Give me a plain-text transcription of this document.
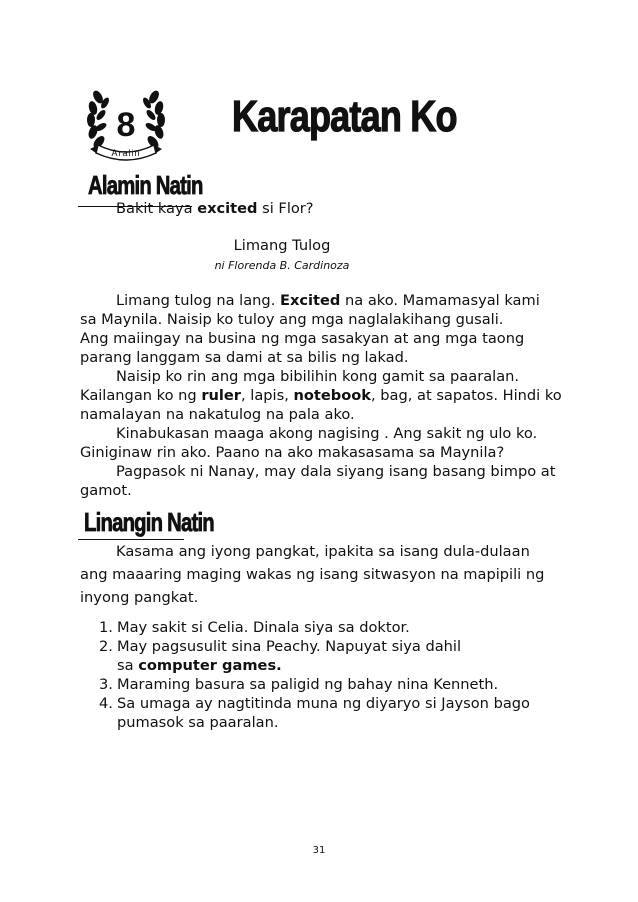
8
Aralin
Karapatan Ko
Alamin Natin
Bakit kaya excited si Flor?
Limang Tulog
ni Florenda B. Cardinoza
Limang tulog na lang. Excited na ako. Mamamasyal kami
sa Maynila. Naisip ko tuloy ang mga naglalakihang gusali.
Ang maiingay na busina ng mga sasakyan at ang mga taong
parang langgam sa dami at sa bilis ng lakad.
Naisip ko rin ang mga bibilihin kong gamit sa paaralan.
Kailangan ko ng ruler, lapis, notebook, bag, at sapatos. Hindi ko
namalayan na nakatulog na pala ako.
Kinabukasan maaga akong nagising . Ang sakit ng ulo ko.
Giniginaw rin ako. Paano na ako makasasama sa Maynila?
Pagpasok ni Nanay, may dala siyang isang basang bimpo at
gamot.
Linangin Natin
Kasama ang iyong pangkat, ipakita sa isang dula-dulaan
ang maaaring maging wakas ng isang sitwasyon na mapipili ng
inyong pangkat.
1. May sakit si Celia. Dinala siya sa doktor.
2. May pagsusulit sina Peachy. Napuyat siya dahil
sa computer games.
3. Maraming basura sa paligid ng bahay nina Kenneth.
4. Sa umaga ay nagtitinda muna ng diyaryo si Jayson bago
pumasok sa paaralan.
31
